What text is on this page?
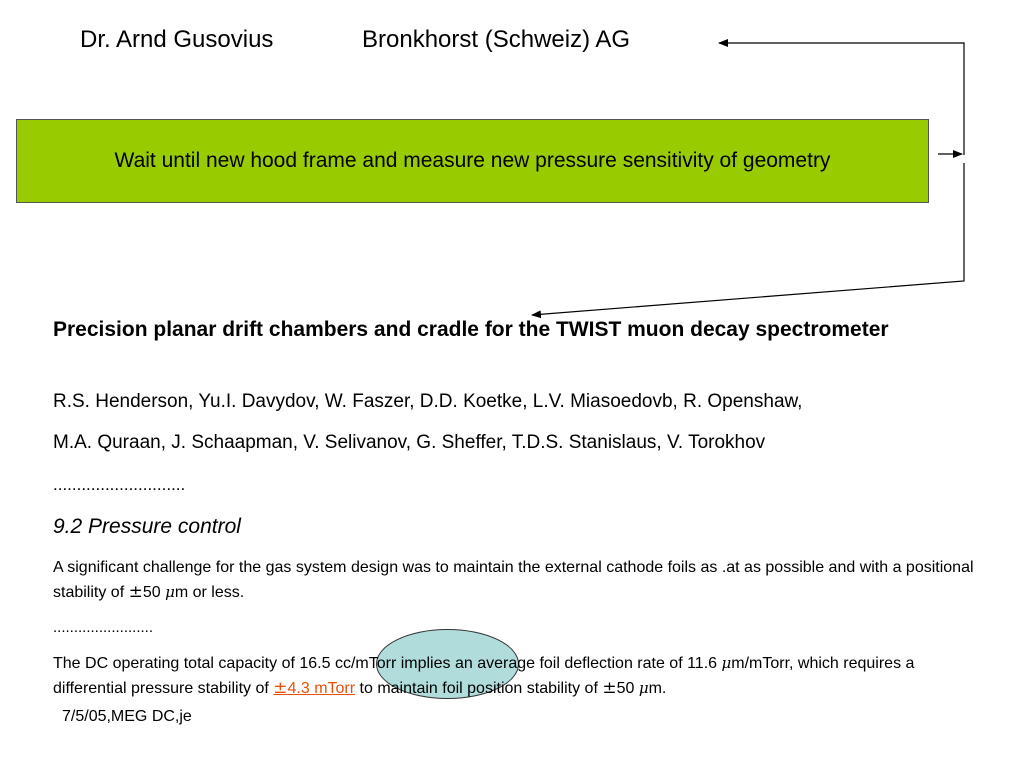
Dr. Arnd Gusovius	Bronkhorst (Schweiz) AG
Wait until new hood frame and measure new pressure sensitivity of geometry
Precision planar drift chambers and cradle for the TWIST muon decay spectrometer
R.S. Henderson, Yu.I. Davydov, W. Faszer, D.D. Koetke, L.V. Miasoedovb, R. Openshaw,
M.A. Quraan, J. Schaapman, V. Selivanov, G. Sheffer, T.D.S. Stanislaus, V. Torokhov
............................
9.2 Pressure control
A significant challenge for the gas system design was to maintain the external cathode foils as .at as possible and with a positional stability of ±50 μm or less.
........................
The DC operating total capacity of 16.5 cc/mTorr implies an average foil deflection rate of 11.6 μm/mTorr, which requires a differential pressure stability of ±4.3 mTorr to maintain foil position stability of ±50 μm.
7/5/05,MEG DC,je
